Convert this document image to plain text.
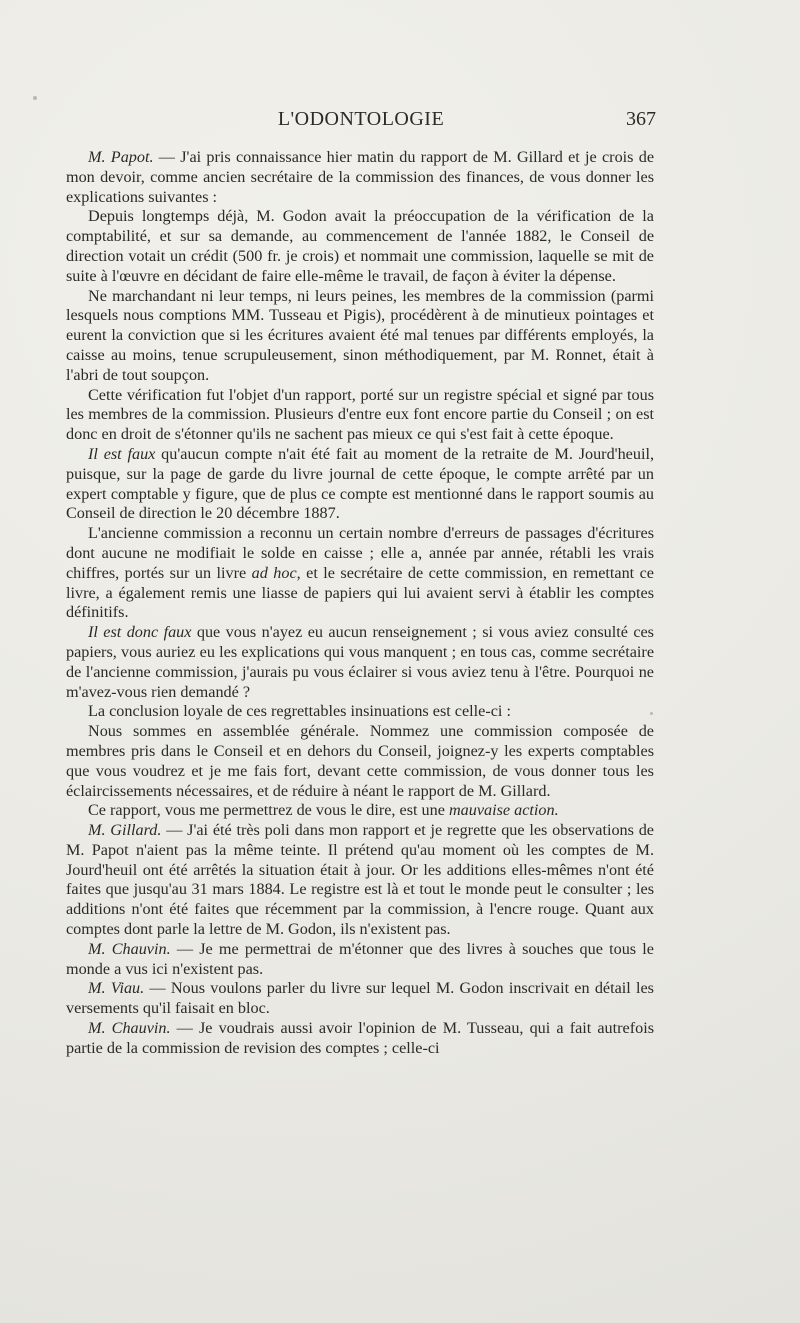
L'ODONTOLOGIE	367

M. Papot. — J'ai pris connaissance hier matin du rapport de M. Gillard et je crois de mon devoir, comme ancien secrétaire de la commission des finances, de vous donner les explications suivantes :

Depuis longtemps déjà, M. Godon avait la préoccupation de la vérification de la comptabilité, et sur sa demande, au commencement de l'année 1882, le Conseil de direction votait un crédit (500 fr. je crois) et nommait une commission, laquelle se mit de suite à l'œuvre en décidant de faire elle-même le travail, de façon à éviter la dépense.

Ne marchandant ni leur temps, ni leurs peines, les membres de la commission (parmi lesquels nous comptions MM. Tusseau et Pigis), procédèrent à de minutieux pointages et eurent la conviction que si les écritures avaient été mal tenues par différents employés, la caisse au moins, tenue scrupuleusement, sinon méthodiquement, par M. Ronnet, était à l'abri de tout soupçon.

Cette vérification fut l'objet d'un rapport, porté sur un registre spécial et signé par tous les membres de la commission. Plusieurs d'entre eux font encore partie du Conseil ; on est donc en droit de s'étonner qu'ils ne sachent pas mieux ce qui s'est fait à cette époque.

Il est faux qu'aucun compte n'ait été fait au moment de la retraite de M. Jourd'heuil, puisque, sur la page de garde du livre journal de cette époque, le compte arrêté par un expert comptable y figure, que de plus ce compte est mentionné dans le rapport soumis au Conseil de direction le 20 décembre 1887.

L'ancienne commission a reconnu un certain nombre d'erreurs de passages d'écritures dont aucune ne modifiait le solde en caisse ; elle a, année par année, rétabli les vrais chiffres, portés sur un livre ad hoc, et le secrétaire de cette commission, en remettant ce livre, a également remis une liasse de papiers qui lui avaient servi à établir les comptes définitifs.

Il est donc faux que vous n'ayez eu aucun renseignement ; si vous aviez consulté ces papiers, vous auriez eu les explications qui vous manquent ; en tous cas, comme secrétaire de l'ancienne commission, j'aurais pu vous éclairer si vous aviez tenu à l'être. Pourquoi ne m'avez-vous rien demandé ?

La conclusion loyale de ces regrettables insinuations est celle-ci :

Nous sommes en assemblée générale. Nommez une commission composée de membres pris dans le Conseil et en dehors du Conseil, joignez-y les experts comptables que vous voudrez et je me fais fort, devant cette commission, de vous donner tous les éclaircissements nécessaires, et de réduire à néant le rapport de M. Gillard.

Ce rapport, vous me permettrez de vous le dire, est une mauvaise action.

M. Gillard. — J'ai été très poli dans mon rapport et je regrette que les observations de M. Papot n'aient pas la même teinte. Il prétend qu'au moment où les comptes de M. Jourd'heuil ont été arrêtés la situation était à jour. Or les additions elles-mêmes n'ont été faites que jusqu'au 31 mars 1884. Le registre est là et tout le monde peut le consulter ; les additions n'ont été faites que récemment par la commission, à l'encre rouge. Quant aux comptes dont parle la lettre de M. Godon, ils n'existent pas.

M. Chauvin. — Je me permettrai de m'étonner que des livres à souches que tous le monde a vus ici n'existent pas.

M. Viau. — Nous voulons parler du livre sur lequel M. Godon inscrivait en détail les versements qu'il faisait en bloc.

M. Chauvin. — Je voudrais aussi avoir l'opinion de M. Tusseau, qui a fait autrefois partie de la commission de revision des comptes ; celle-ci
